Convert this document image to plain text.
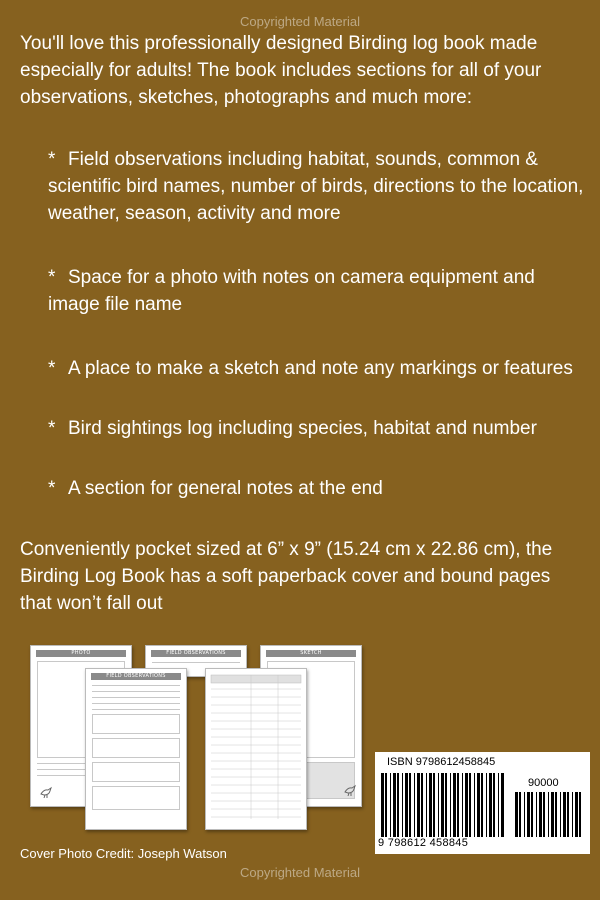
Copyrighted Material

You'll love this professionally designed Birding log book made especially for adults! The book includes sections for all of your observations, sketches, photographs and much more:

* Field observations including habitat, sounds, common & scientific bird names, number of birds, directions to the location, weather, season, activity and more

* Space for a photo with notes on camera equipment and image file name

* A place to make a sketch and note any markings or features

* Bird sightings log including species, habitat and number

* A section for general notes at the end

Conveniently pocket sized at 6” x 9” (15.24 cm x 22.86 cm), the Birding Log Book has a soft paperback cover and bound pages that won’t fall out

PHOTO	FIELD OBSERVATIONS	SKETCH
FIELD OBSERVATIONS
ISBN 9798612458845
90000
9 798612 458845
Cover Photo Credit: Joseph Watson
Copyrighted Material
